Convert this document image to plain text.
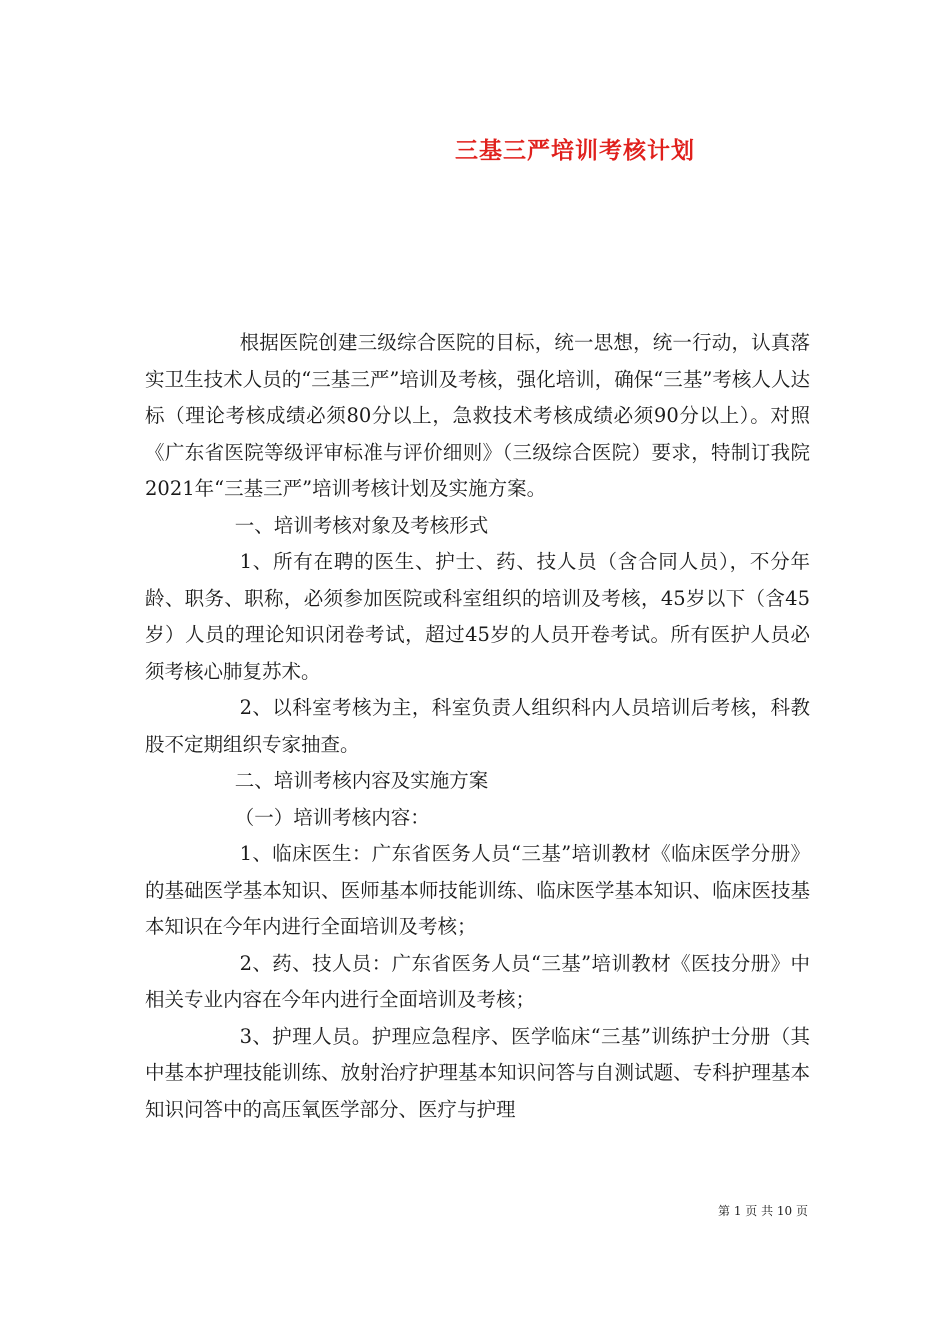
三基三严培训考核计划

根据医院创建三级综合医院的目标，统一思想，统一行动，认真落实卫生技术人员的“三基三严”培训及考核，强化培训，确保“三基”考核人人达标（理论考核成绩必须80分以上，急救技术考核成绩必须90分以上）。对照《广东省医院等级评审标准与评价细则》（三级综合医院）要求，特制订我院2021年“三基三严”培训考核计划及实施方案。

一、培训考核对象及考核形式

1、所有在聘的医生、护士、药、技人员（含合同人员），不分年龄、职务、职称，必须参加医院或科室组织的培训及考核，45岁以下（含45岁）人员的理论知识闭卷考试，超过45岁的人员开卷考试。所有医护人员必须考核心肺复苏术。

2、以科室考核为主，科室负责人组织科内人员培训后考核，科教股不定期组织专家抽查。

二、培训考核内容及实施方案

（一）培训考核内容：

1、临床医生：广东省医务人员“三基”培训教材《临床医学分册》的基础医学基本知识、医师基本师技能训练、临床医学基本知识、临床医技基本知识在今年内进行全面培训及考核；

2、药、技人员：广东省医务人员“三基”培训教材《医技分册》中相关专业内容在今年内进行全面培训及考核；

3、护理人员。护理应急程序、医学临床“三基”训练护士分册（其中基本护理技能训练、放射治疗护理基本知识问答与自测试题、专科护理基本知识问答中的高压氧医学部分、医疗与护理

第 1 页 共 10 页
